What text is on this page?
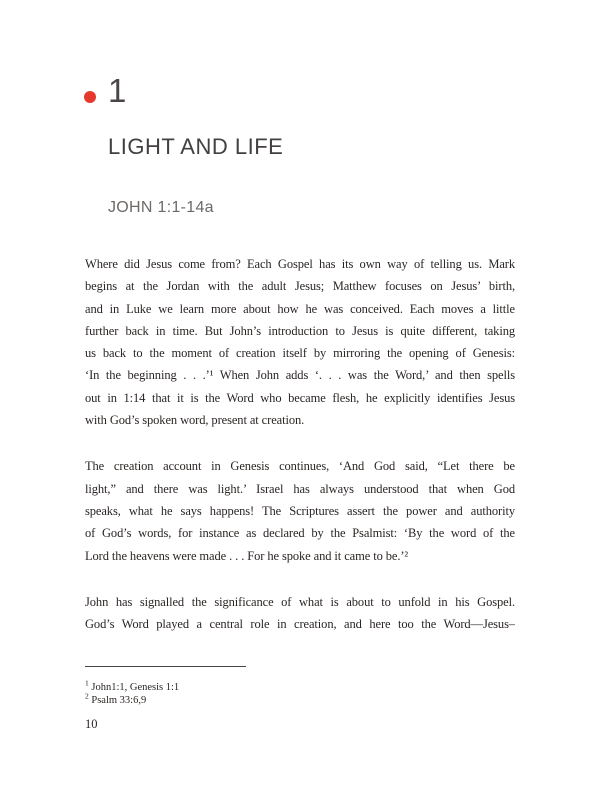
1
LIGHT AND LIFE
JOHN 1:1-14a
Where did Jesus come from? Each Gospel has its own way of telling us. Mark
begins at the Jordan with the adult Jesus; Matthew focuses on Jesus’ birth,
and in Luke we learn more about how he was conceived. Each moves a little
further back in time. But John’s introduction to Jesus is quite different, taking
us back to the moment of creation itself by mirroring the opening of Genesis:
‘In the beginning . . .’¹ When John adds ‘. . . was the Word,’ and then spells
out in 1:14 that it is the Word who became flesh, he explicitly identifies Jesus
with God’s spoken word, present at creation.
The creation account in Genesis continues, ‘And God said, “Let there be
light,” and there was light.’ Israel has always understood that when God
speaks, what he says happens! The Scriptures assert the power and authority
of God’s words, for instance as declared by the Psalmist: ‘By the word of the
Lord the heavens were made . . . For he spoke and it came to be.’²
John has signalled the significance of what is about to unfold in his Gospel.
God’s Word played a central role in creation, and here too the Word—Jesus–
$^1$ John1:1, Genesis 1:1
$^2$ Psalm 33:6,9
10
